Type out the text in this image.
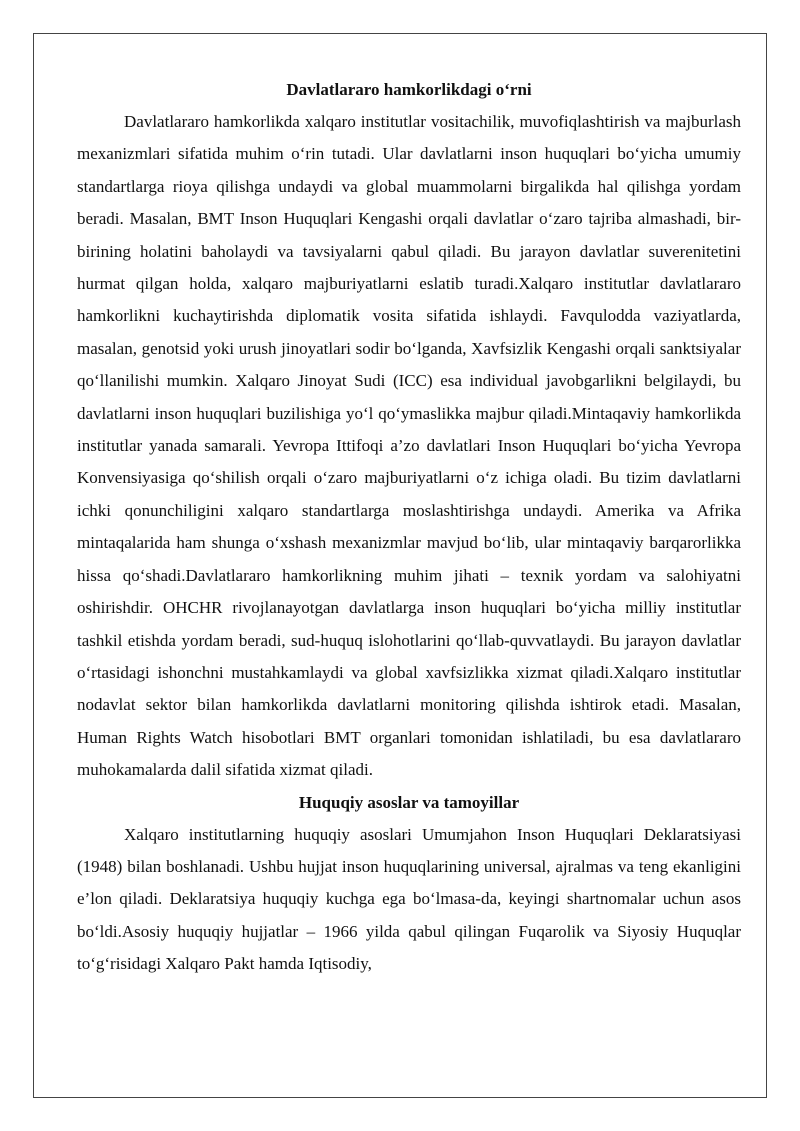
Davlatlararo hamkorlikdagi o‘rni

Davlatlararo hamkorlikda xalqaro institutlar vositachilik, muvofiqlashtirish va majburlash mexanizmlari sifatida muhim o‘rin tutadi. Ular davlatlarni inson huquqlari bo‘yicha umumiy standartlarga rioya qilishga undaydi va global muammolarni birgalikda hal qilishga yordam beradi. Masalan, BMT Inson Huquqlari Kengashi orqali davlatlar o‘zaro tajriba almashadi, bir-birining holatini baholaydi va tavsiyalarni qabul qiladi. Bu jarayon davlatlar suverenitetini hurmat qilgan holda, xalqaro majburiyatlarni eslatib turadi.Xalqaro institutlar davlatlararo hamkorlikni kuchaytirishda diplomatik vosita sifatida ishlaydi. Favqulodda vaziyatlarda, masalan, genotsid yoki urush jinoyatlari sodir bo‘lganda, Xavfsizlik Kengashi orqali sanktsiyalar qo‘llanilishi mumkin. Xalqaro Jinoyat Sudi (ICC) esa individual javobgarlikni belgilaydi, bu davlatlarni inson huquqlari buzilishiga yo‘l qo‘ymaslikka majbur qiladi.Mintaqaviy hamkorlikda institutlar yanada samarali. Yevropa Ittifoqi a’zo davlatlari Inson Huquqlari bo‘yicha Yevropa Konvensiyasiga qo‘shilish orqali o‘zaro majburiyatlarni o‘z ichiga oladi. Bu tizim davlatlarni ichki qonunchiligini xalqaro standartlarga moslashtirishga undaydi. Amerika va Afrika mintaqalarida ham shunga o‘xshash mexanizmlar mavjud bo‘lib, ular mintaqaviy barqarorlikka hissa qo‘shadi.Davlatlararo hamkorlikning muhim jihati – texnik yordam va salohiyatni oshirishdir. OHCHR rivojlanayotgan davlatlarga inson huquqlari bo‘yicha milliy institutlar tashkil etishda yordam beradi, sud-huquq islohotlarini qo‘llab-quvvatlaydi. Bu jarayon davlatlar o‘rtasidagi ishonchni mustahkamlaydi va global xavfsizlikka xizmat qiladi.Xalqaro institutlar nodavlat sektor bilan hamkorlikda davlatlarni monitoring qilishda ishtirok etadi. Masalan, Human Rights Watch hisobotlari BMT organlari tomonidan ishlatiladi, bu esa davlatlararo muhokamalarda dalil sifatida xizmat qiladi.

Huquqiy asoslar va tamoyillar

Xalqaro institutlarning huquqiy asoslari Umumjahon Inson Huquqlari Deklaratsiyasi (1948) bilan boshlanadi. Ushbu hujjat inson huquqlarining universal, ajralmas va teng ekanligini e’lon qiladi. Deklaratsiya huquqiy kuchga ega bo‘lmasa-da, keyingi shartnomalar uchun asos bo‘ldi.Asosiy huquqiy hujjatlar – 1966 yilda qabul qilingan Fuqarolik va Siyosiy Huquqlar to‘g‘risidagi Xalqaro Pakt hamda Iqtisodiy,
